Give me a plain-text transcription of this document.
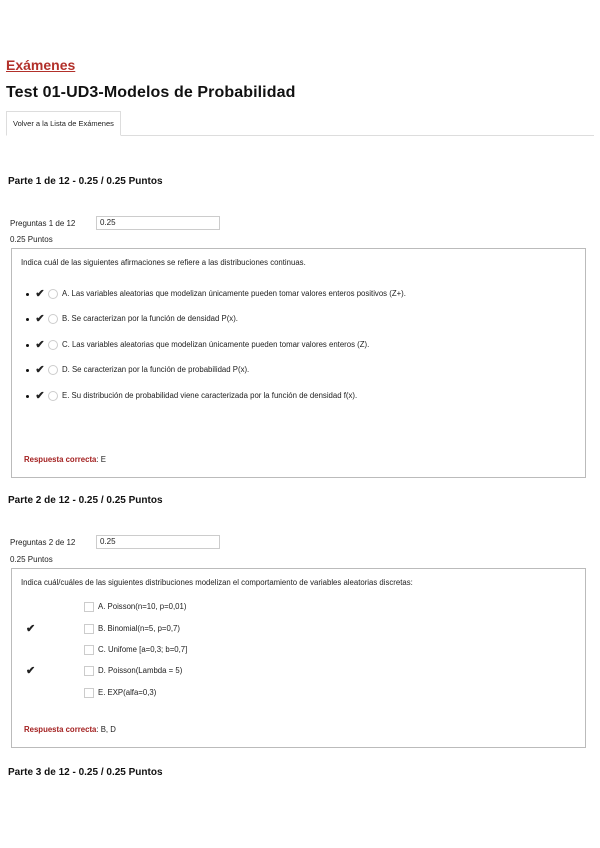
Exámenes
Test 01-UD3-Modelos de Probabilidad
Volver a la Lista de Exámenes
Parte 1 de 12 - 0.25 / 0.25 Puntos
Preguntas 1 de 12
0.25
0.25 Puntos
Indica cuál de las siguientes afirmaciones se refiere a las distribuciones continuas.
✔ A. Las variables aleatorias que modelizan únicamente pueden tomar valores enteros positivos (Z+).
✔ B. Se caracterizan por la función de densidad P(x).
✔ C. Las variables aleatorias que modelizan únicamente pueden tomar valores enteros (Z).
✔ D. Se caracterizan por la función de probabilidad P(x).
✔ E. Su distribución de probabilidad viene caracterizada por la función de densidad f(x).
Respuesta correcta: E
Parte 2 de 12 - 0.25 / 0.25 Puntos
Preguntas 2 de 12
0.25
0.25 Puntos
Indica cuál/cuáles de las siguientes distribuciones modelizan el comportamiento de variables aleatorias discretas:
A. Poisson(n=10, p=0,01)
✔	B. Binomial(n=5, p=0,7)
C. Unifome [a=0,3; b=0,7]
✔	D. Poisson(Lambda = 5)
E. EXP(alfa=0,3)
Respuesta correcta: B, D
Parte 3 de 12 - 0.25 / 0.25 Puntos
